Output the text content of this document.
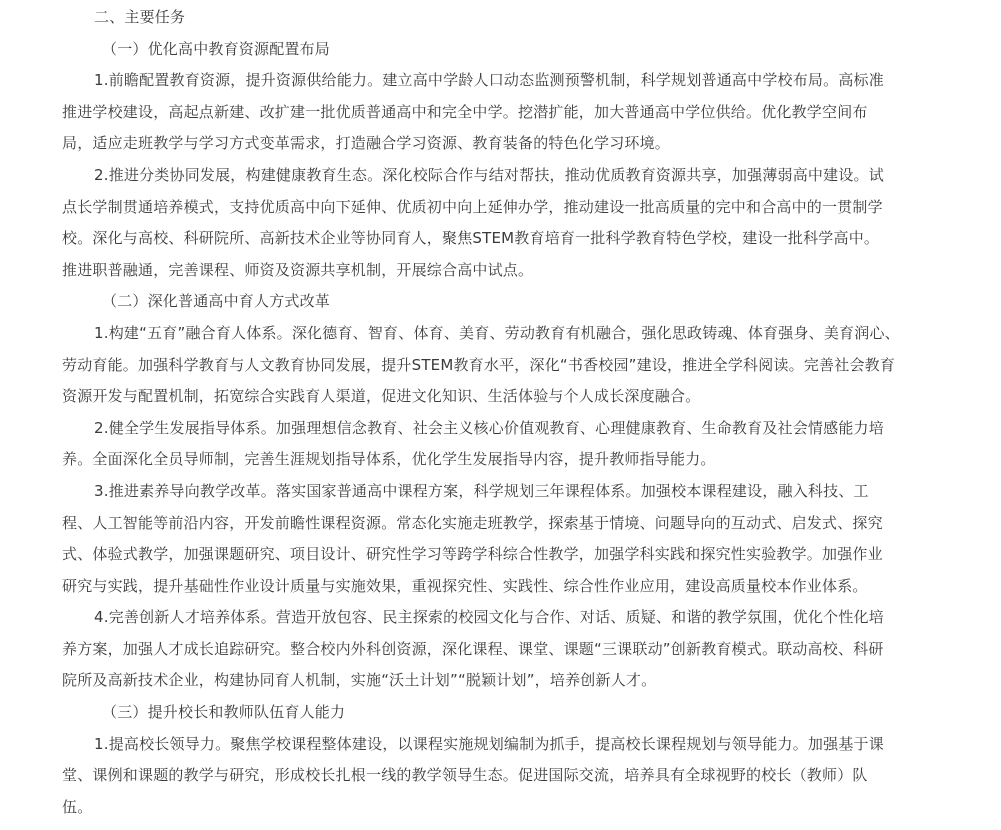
二、主要任务
（一）优化高中教育资源配置布局
1.前瞻配置教育资源，提升资源供给能力。建立高中学龄人口动态监测预警机制，科学规划普通高中学校布局。高标准
推进学校建设，高起点新建、改扩建一批优质普通高中和完全中学。挖潜扩能，加大普通高中学位供给。优化教学空间布
局，适应走班教学与学习方式变革需求，打造融合学习资源、教育装备的特色化学习环境。
2.推进分类协同发展，构建健康教育生态。深化校际合作与结对帮扶，推动优质教育资源共享，加强薄弱高中建设。试
点长学制贯通培养模式，支持优质高中向下延伸、优质初中向上延伸办学，推动建设一批高质量的完中和合高中的一贯制学
校。深化与高校、科研院所、高新技术企业等协同育人，聚焦STEM教育培育一批科学教育特色学校，建设一批科学高中。
推进职普融通，完善课程、师资及资源共享机制，开展综合高中试点。
（二）深化普通高中育人方式改革
1.构建“五育”融合育人体系。深化德育、智育、体育、美育、劳动教育有机融合，强化思政铸魂、体育强身、美育润心、
劳动育能。加强科学教育与人文教育协同发展，提升STEM教育水平，深化“书香校园”建设，推进全学科阅读。完善社会教育
资源开发与配置机制，拓宽综合实践育人渠道，促进文化知识、生活体验与个人成长深度融合。
2.健全学生发展指导体系。加强理想信念教育、社会主义核心价值观教育、心理健康教育、生命教育及社会情感能力培
养。全面深化全员导师制，完善生涯规划指导体系，优化学生发展指导内容，提升教师指导能力。
3.推进素养导向教学改革。落实国家普通高中课程方案，科学规划三年课程体系。加强校本课程建设，融入科技、工
程、人工智能等前沿内容，开发前瞻性课程资源。常态化实施走班教学，探索基于情境、问题导向的互动式、启发式、探究
式、体验式教学，加强课题研究、项目设计、研究性学习等跨学科综合性教学，加强学科实践和探究性实验教学。加强作业
研究与实践，提升基础性作业设计质量与实施效果，重视探究性、实践性、综合性作业应用，建设高质量校本作业体系。
4.完善创新人才培养体系。营造开放包容、民主探索的校园文化与合作、对话、质疑、和谐的教学氛围，优化个性化培
养方案，加强人才成长追踪研究。整合校内外科创资源，深化课程、课堂、课题“三课联动”创新教育模式。联动高校、科研
院所及高新技术企业，构建协同育人机制，实施“沃土计划”“脱颖计划”，培养创新人才。
（三）提升校长和教师队伍育人能力
1.提高校长领导力。聚焦学校课程整体建设，以课程实施规划编制为抓手，提高校长课程规划与领导能力。加强基于课
堂、课例和课题的教学与研究，形成校长扎根一线的教学领导生态。促进国际交流，培养具有全球视野的校长（教师）队
伍。
